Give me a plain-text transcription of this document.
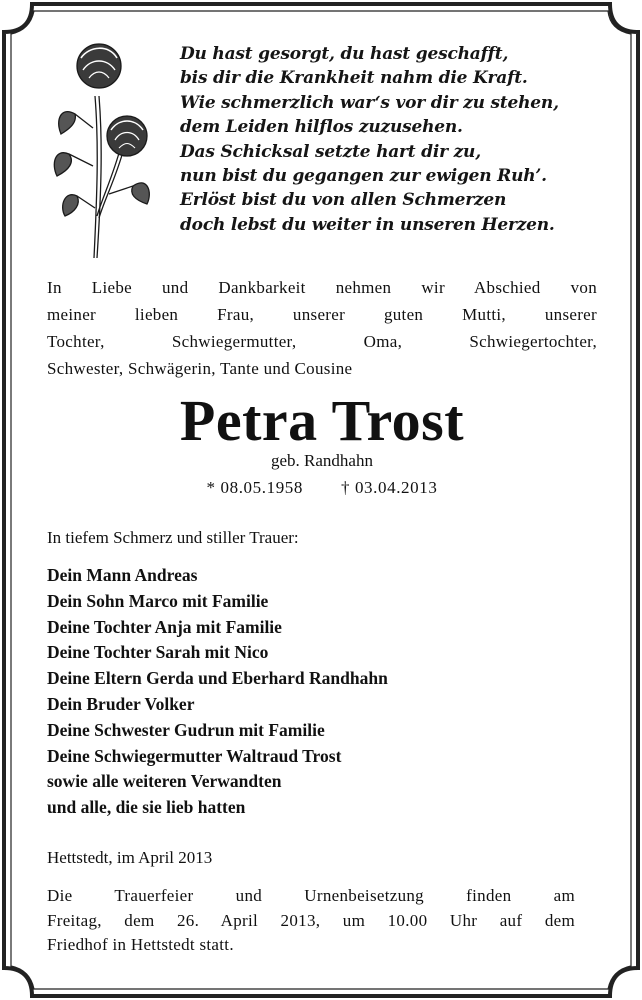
Du hast gesorgt, du hast geschafft,
bis dir die Krankheit nahm die Kraft.
Wie schmerzlich war‘s vor dir zu stehen,
dem Leiden hilflos zuzusehen.
Das Schicksal setzte hart dir zu,
nun bist du gegangen zur ewigen Ruh’.
Erlöst bist du von allen Schmerzen
doch lebst du weiter in unseren Herzen.
In Liebe und Dankbarkeit nehmen wir Abschied von
meiner lieben Frau, unserer guten Mutti, unserer
Tochter, Schwiegermutter, Oma, Schwiegertochter,
Schwester, Schwägerin, Tante und Cousine
Petra Trost
geb. Randhahn
* 08.05.1958 † 03.04.2013
In tiefem Schmerz und stiller Trauer:
Dein Mann Andreas
Dein Sohn Marco mit Familie
Deine Tochter Anja mit Familie
Deine Tochter Sarah mit Nico
Deine Eltern Gerda und Eberhard Randhahn
Dein Bruder Volker
Deine Schwester Gudrun mit Familie
Deine Schwiegermutter Waltraud Trost
sowie alle weiteren Verwandten
und alle, die sie lieb hatten
Hettstedt, im April 2013
Die Trauerfeier und Urnenbeisetzung finden am
Freitag, dem 26. April 2013, um 10.00 Uhr auf dem
Friedhof in Hettstedt statt.
